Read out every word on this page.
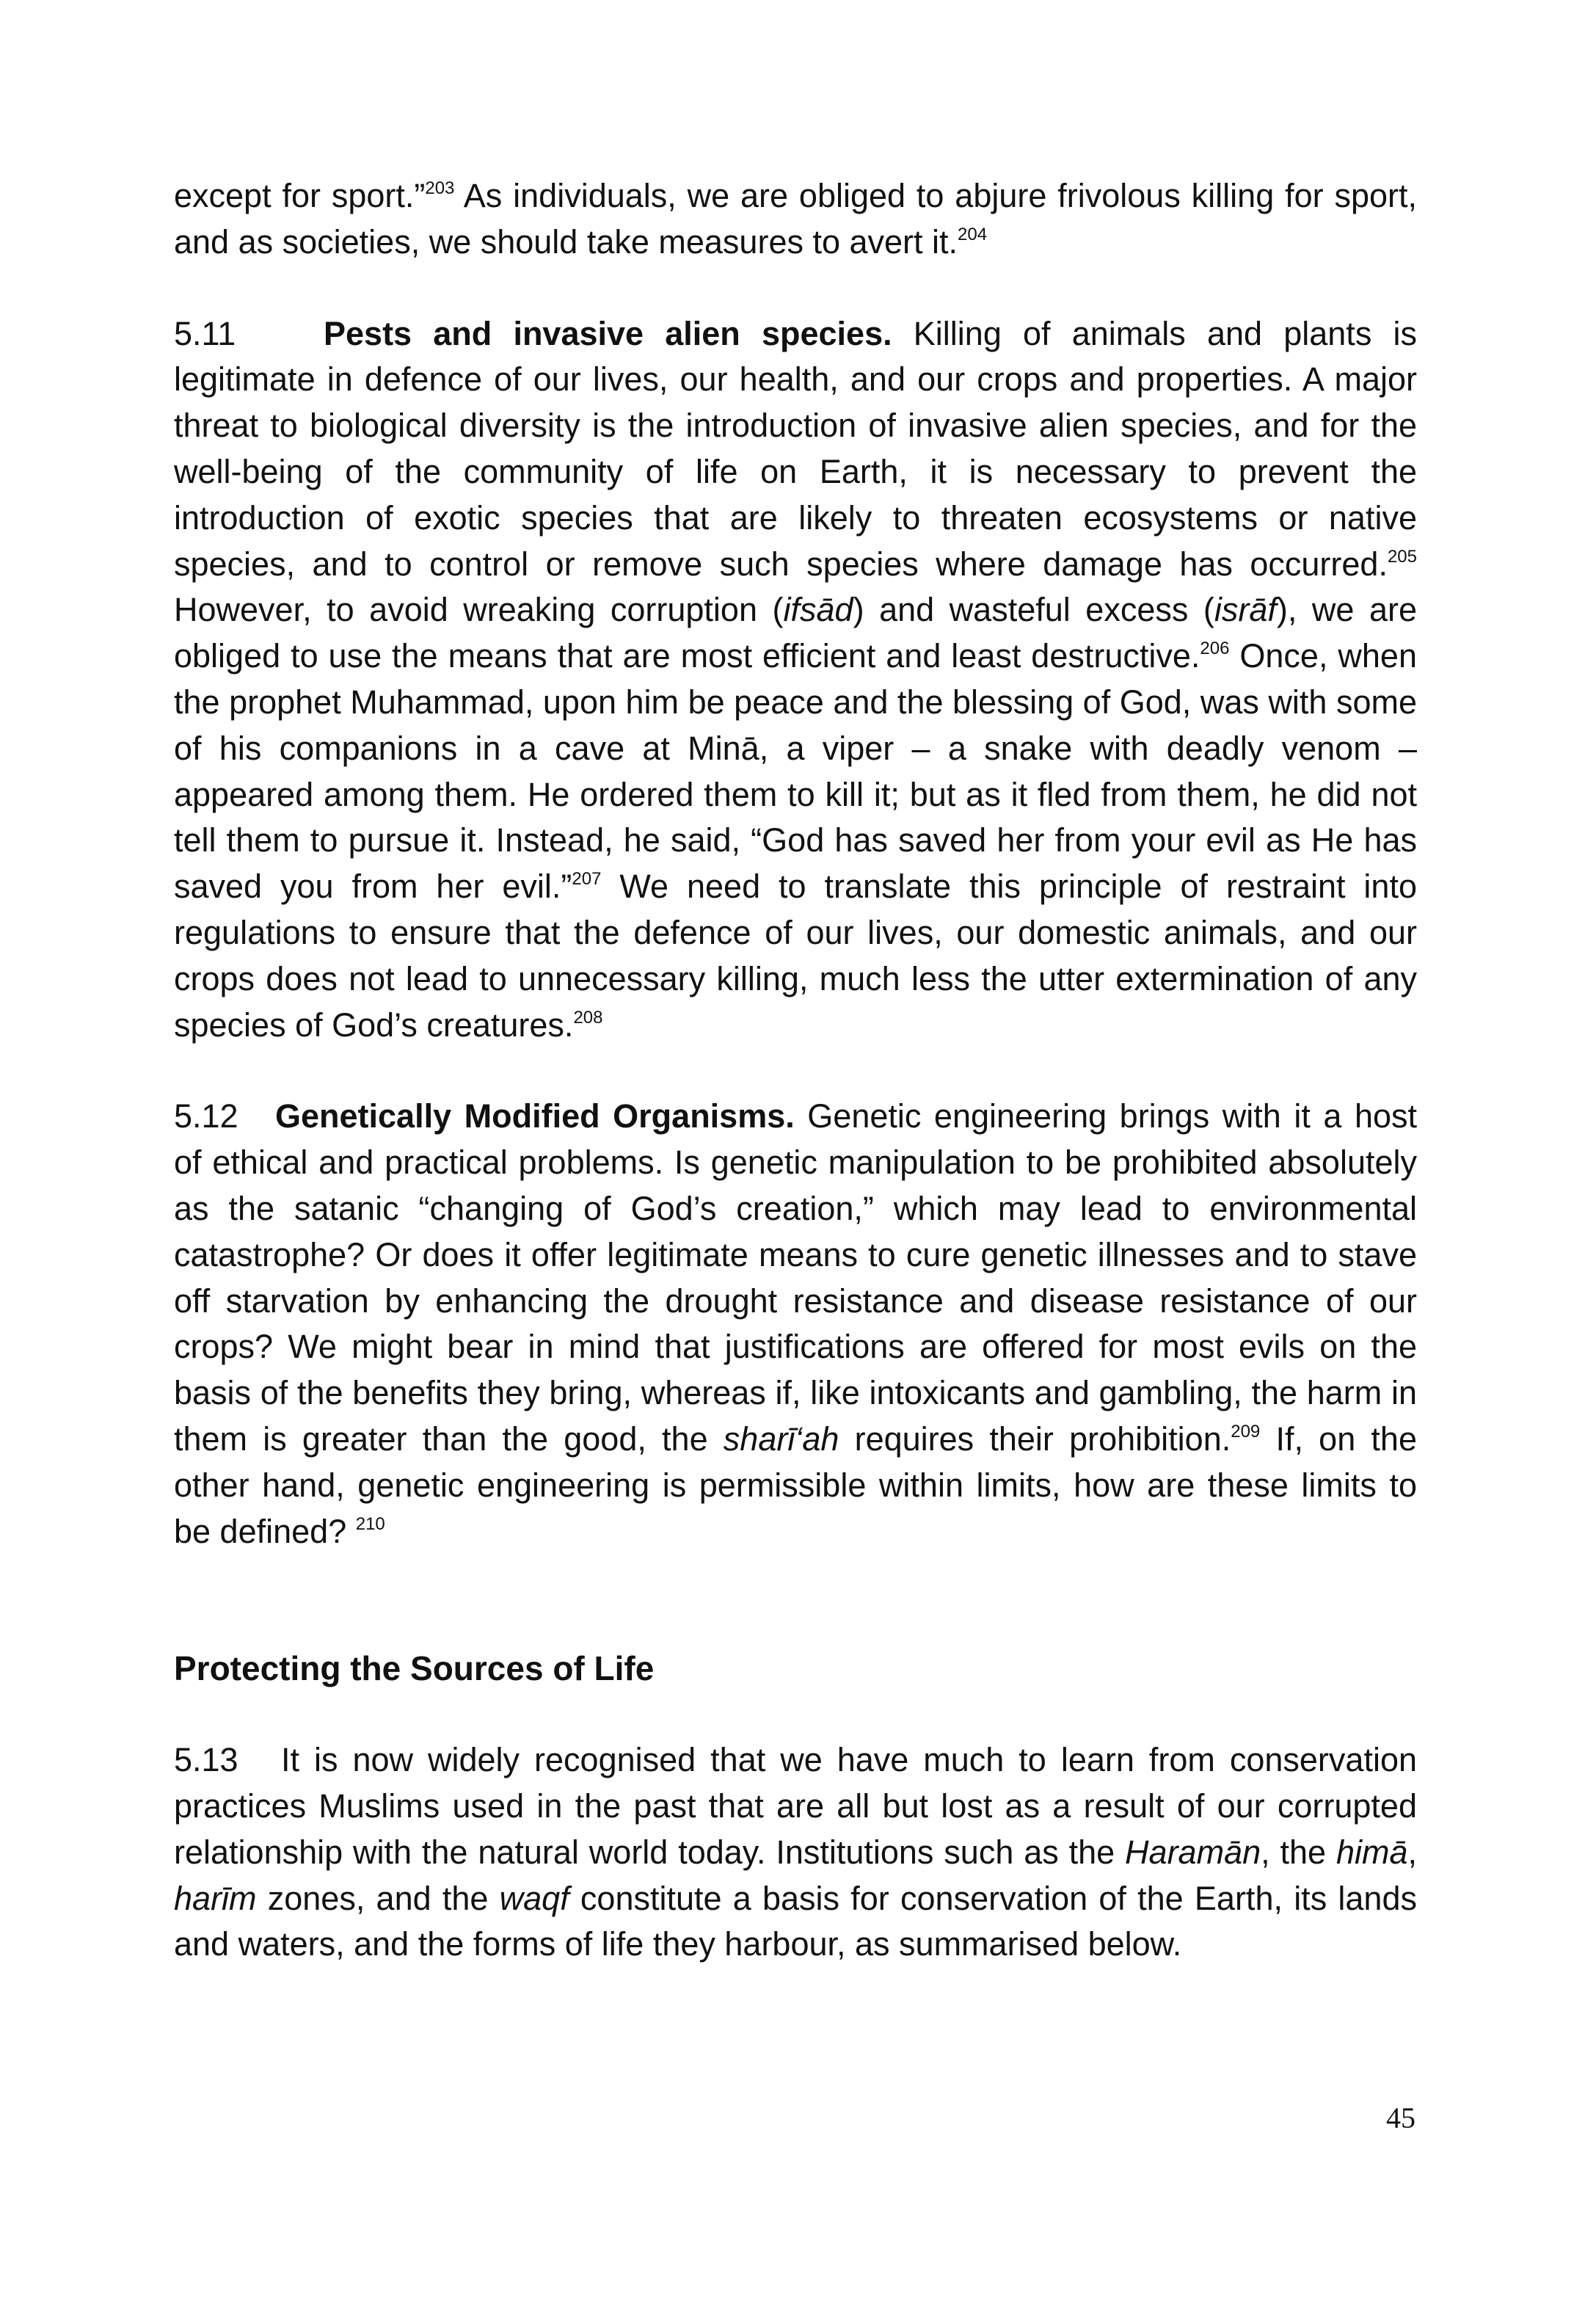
except for sport.”$^{203}$ As individuals, we are obliged to abjure frivolous killing for sport, and as societies, we should take measures to avert it.$^{204}$

5.11	Pests and invasive alien species. Killing of animals and plants is legitimate in defence of our lives, our health, and our crops and properties. A major threat to biological diversity is the introduction of invasive alien species, and for the well-being of the community of life on Earth, it is necessary to prevent the introduction of exotic species that are likely to threaten ecosystems or native species, and to control or remove such species where damage has occurred.$^{205}$ However, to avoid wreaking corruption (ifsād) and wasteful excess (isrāf), we are obliged to use the means that are most efficient and least destructive.$^{206}$ Once, when the prophet Muhammad, upon him be peace and the blessing of God, was with some of his companions in a cave at Minā, a viper – a snake with deadly venom – appeared among them. He ordered them to kill it; but as it fled from them, he did not tell them to pursue it. Instead, he said, “God has saved her from your evil as He has saved you from her evil.”$^{207}$ We need to translate this principle of restraint into regulations to ensure that the defence of our lives, our domestic animals, and our crops does not lead to unnecessary killing, much less the utter extermination of any species of God’s creatures.$^{208}$

5.12 Genetically Modified Organisms. Genetic engineering brings with it a host of ethical and practical problems. Is genetic manipulation to be prohibited absolutely as the satanic “changing of God’s creation,” which may lead to environmental catastrophe? Or does it offer legitimate means to cure genetic illnesses and to stave off starvation by enhancing the drought resistance and disease resistance of our crops? We might bear in mind that justifications are offered for most evils on the basis of the benefits they bring, whereas if, like intoxicants and gambling, the harm in them is greater than the good, the sharī‘ah requires their prohibition.$^{209}$ If, on the other hand, genetic engineering is permissible within limits, how are these limits to be defined? $^{210}$

Protecting the Sources of Life

5.13 It is now widely recognised that we have much to learn from conservation practices Muslims used in the past that are all but lost as a result of our corrupted relationship with the natural world today. Institutions such as the Haramān, the himā, harīm zones, and the waqf constitute a basis for conservation of the Earth, its lands and waters, and the forms of life they harbour, as summarised below.

45
